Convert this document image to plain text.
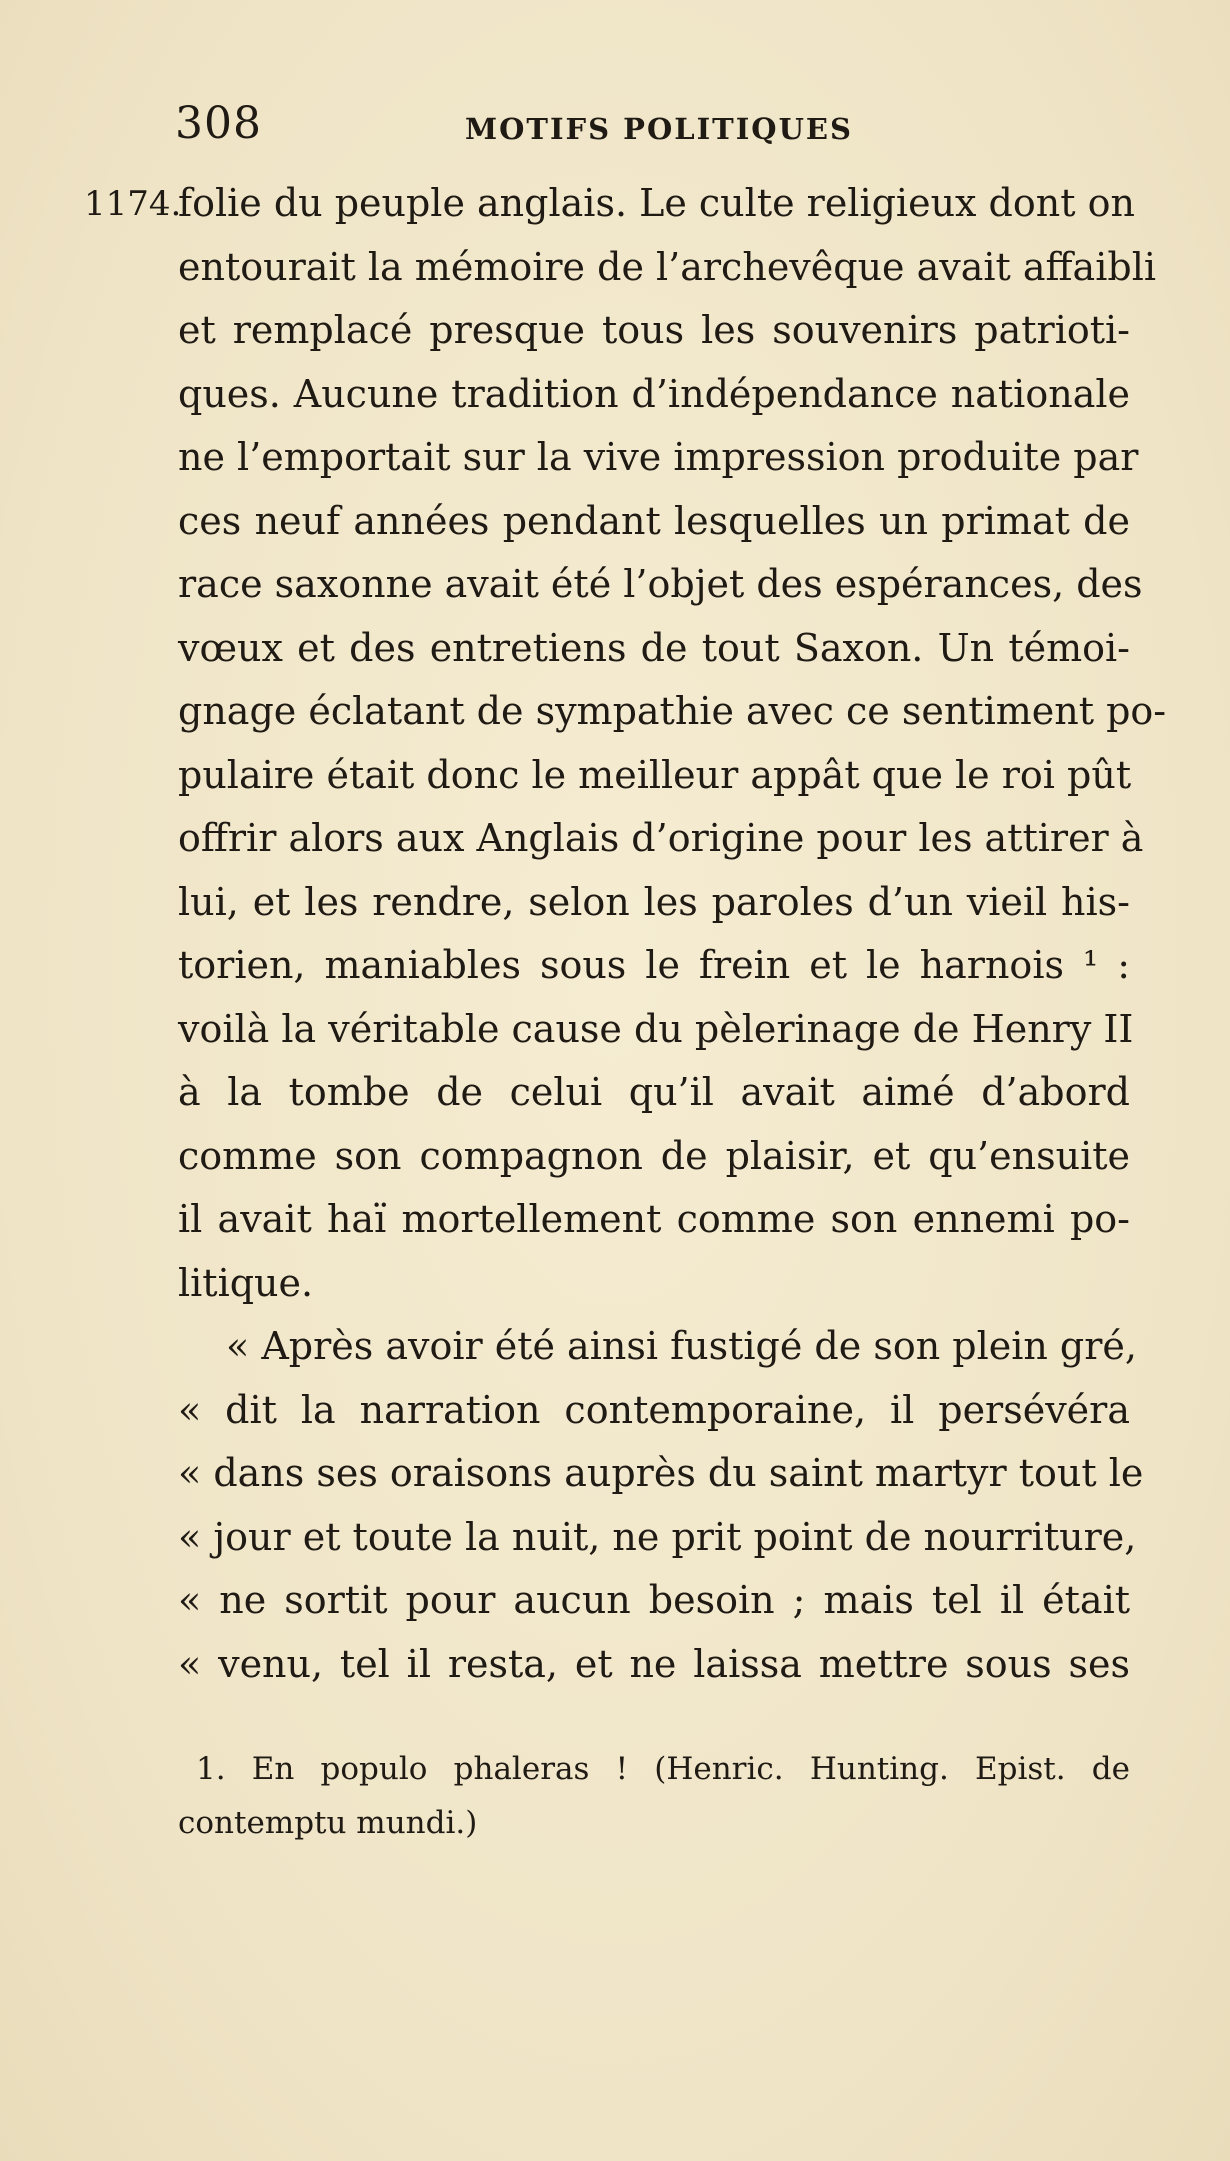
308	MOTIFS POLITIQUES
1174.
folie du peuple anglais. Le culte religieux dont on
entourait la mémoire de l’archevêque avait affaibli
et remplacé presque tous les souvenirs patrioti-
ques. Aucune tradition d’indépendance nationale
ne l’emportait sur la vive impression produite par
ces neuf années pendant lesquelles un primat de
race saxonne avait été l’objet des espérances, des
vœux et des entretiens de tout Saxon. Un témoi-
gnage éclatant de sympathie avec ce sentiment po-
pulaire était donc le meilleur appât que le roi pût
offrir alors aux Anglais d’origine pour les attirer à
lui, et les rendre, selon les paroles d’un vieil his-
torien, maniables sous le frein et le harnois ¹ :
voilà la véritable cause du pèlerinage de Henry II
à la tombe de celui qu’il avait aimé d’abord
comme son compagnon de plaisir, et qu’ensuite
il avait haï mortellement comme son ennemi po-
litique.
« Après avoir été ainsi fustigé de son plein gré,
« dit la narration contemporaine, il persévéra
« dans ses oraisons auprès du saint martyr tout le
« jour et toute la nuit, ne prit point de nourriture,
« ne sortit pour aucun besoin ; mais tel il était
« venu, tel il resta, et ne laissa mettre sous ses
1. En populo phaleras ! (Henric. Hunting. Epist. de
contemptu mundi.)
